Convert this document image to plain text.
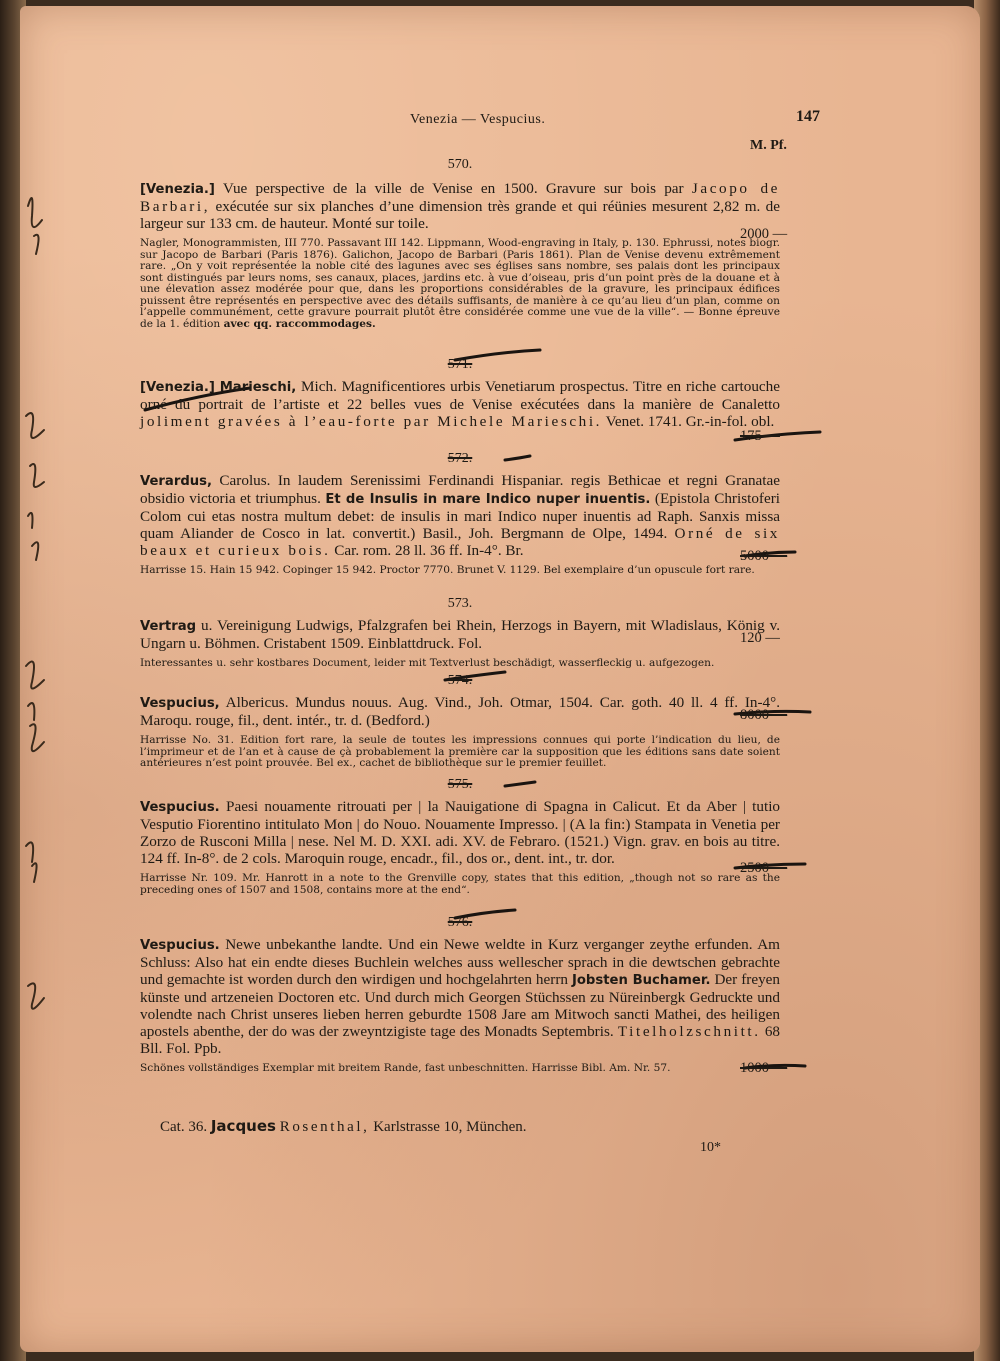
Venezia — Vespucius.	147
M. Pf.
570.
[Venezia.] Vue perspective de la ville de Venise en 1500. Gravure sur bois par Jacopo de Barbari, exécutée sur six planches d’une dimension très grande et qui réünies mesurent 2,82 m. de largeur sur 133 cm. de hauteur. Monté sur toile.
Nagler, Monogrammisten, III 770. Passavant III 142. Lippmann, Wood-engraving in Italy, p. 130. Ephrussi, notes biogr. sur Jacopo de Barbari (Paris 1876). Galichon, Jacopo de Barbari (Paris 1861). Plan de Venise devenu extrêmement rare. „On y voit représentée la noble cité des lagunes avec ses églises sans nombre, ses palais dont les principaux sont distingués par leurs noms, ses canaux, places, jardins etc. à vue d’oiseau, pris d’un point près de la douane et à une élevation assez modérée pour que, dans les proportions considérables de la gravure, les principaux édifices puissent être représentés en perspective avec des détails suffisants, de manière à ce qu’au lieu d’un plan, comme on l’appelle communément, cette gravure pourrait plutôt être considérée comme une vue de la ville“. — Bonne épreuve de la 1. édition avec qq. raccommodages.
2000 —
571.
[Venezia.] Marieschi, Mich. Magnificentiores urbis Venetiarum prospectus. Titre en riche cartouche orné du portrait de l’artiste et 22 belles vues de Venise exécutées dans la manière de Canaletto joliment gravées à l’eau-forte par Michele Marieschi. Venet. 1741. Gr.-in-fol. obl.
175 —
572.
Verardus, Carolus. In laudem Serenissimi Ferdinandi Hispaniar. regis Bethicae et regni Granatae obsidio victoria et triumphus. Et de Insulis in mare Indico nuper inuentis. (Epistola Christoferi Colom cui etas nostra multum debet: de insulis in mari Indico nuper inuentis ad Raph. Sanxis missa quam Aliander de Cosco in lat. convertit.) Basil., Joh. Bergmann de Olpe, 1494. Orné de six beaux et curieux bois. Car. rom. 28 ll. 36 ff. In-4°. Br.
Harrisse 15. Hain 15 942. Copinger 15 942. Proctor 7770. Brunet V. 1129. Bel exemplaire d’un opuscule fort rare.
5000 —
573.
Vertrag u. Vereinigung Ludwigs, Pfalzgrafen bei Rhein, Herzogs in Bayern, mit Wladislaus, König v. Ungarn u. Böhmen. Cristabent 1509. Einblattdruck. Fol.
Interessantes u. sehr kostbares Document, leider mit Textverlust beschädigt, wasserfleckig u. aufgezogen.
120 —
574.
Vespucius, Albericus. Mundus nouus. Aug. Vind., Joh. Otmar, 1504. Car. goth. 40 ll. 4 ff. In-4°. Maroqu. rouge, fil., dent. intér., tr. d. (Bedford.)
Harrisse No. 31. Edition fort rare, la seule de toutes les impressions connues qui porte l’indication du lieu, de l’imprimeur et de l’an et à cause de çà probablement la première car la supposition que les éditions sans date soient antérieures n’est point prouvée. Bel ex., cachet de bibliothèque sur le premier feuillet.
8000 —
575.
Vespucius. Paesi nouamente ritrouati per | la Nauigatione di Spagna in Calicut. Et da Aber | tutio Vesputio Fiorentino intitulato Mon | do Nouo. Nouamente Impresso. | (A la fin:) Stampata in Venetia per Zorzo de Rusconi Milla | nese. Nel M. D. XXI. adi. XV. de Febraro. (1521.) Vign. grav. en bois au titre. 124 ff. In-8°. de 2 cols. Maroquin rouge, encadr., fil., dos or., dent. int., tr. dor.
Harrisse Nr. 109. Mr. Hanrott in a note to the Grenville copy, states that this edition, „though not so rare as the preceding ones of 1507 and 1508, contains more at the end“.
2500 —
576.
Vespucius. Newe unbekanthe landte. Und ein Newe weldte in Kurz verganger zeythe erfunden. Am Schluss: Also hat ein endte dieses Buchlein welches auss wellescher sprach in die dewtschen gebrachte und gemachte ist worden durch den wirdigen und hochgelahrten herrn Jobsten Buchamer. Der freyen künste und artzeneien Doctoren etc. Und durch mich Georgen Stüchssen zu Nüreinbergk Gedruckte und volendte nach Christ unseres lieben herren geburdte 1508 Jare am Mitwoch sancti Mathei, des heiligen apostels abenthe, der do was der zweyntzigiste tage des Monadts Septembris. Titelholzschnitt. 68 Bll. Fol. Ppb.
Schönes vollständiges Exemplar mit breitem Rande, fast unbeschnitten. Harrisse Bibl. Am. Nr. 57.	1000 —
Cat. 36. Jacques Rosenthal, Karlstrasse 10, München.
10*
